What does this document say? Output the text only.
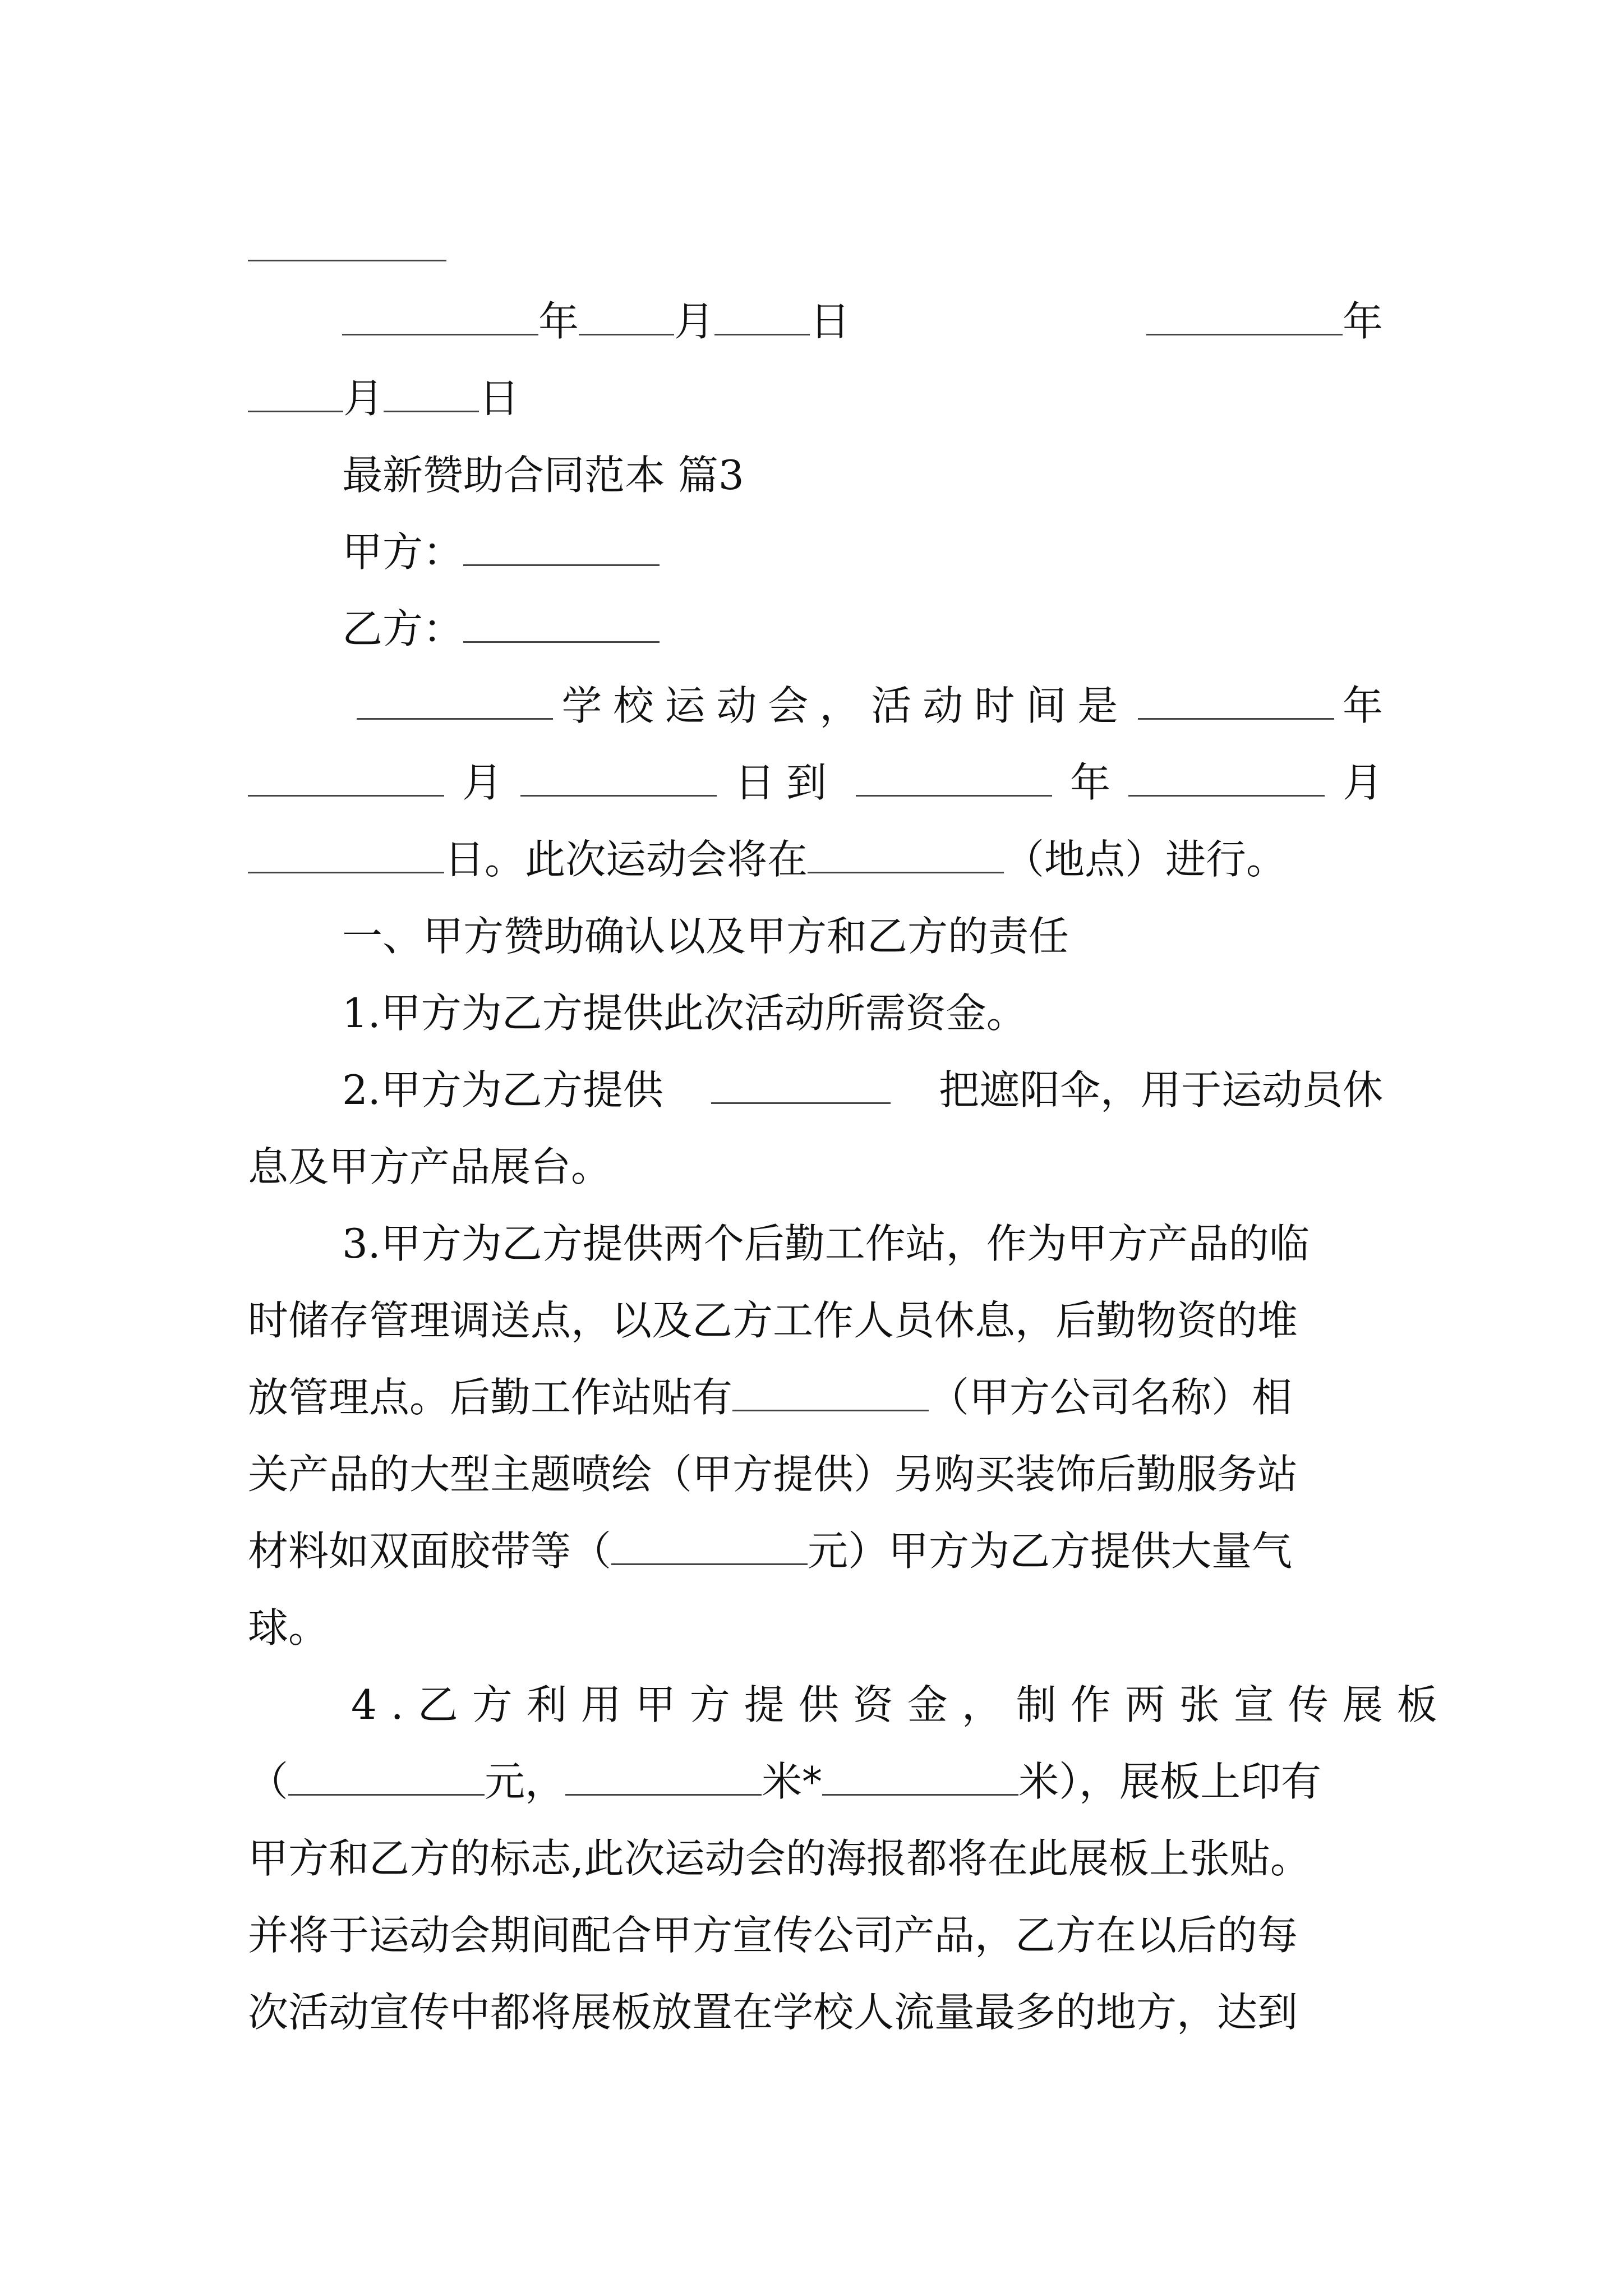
年 月 日	年
月 日
最新赞助合同范本 篇3
甲方：
乙方：
学校运动会，活动时间是	年
月	日到	年	月
日。此次运动会将在	（地点）进行。
一、甲方赞助确认以及甲方和乙方的责任
1.甲方为乙方提供此次活动所需资金。
2.甲方为乙方提供	把遮阳伞，用于运动员休
息及甲方产品展台。
3.甲方为乙方提供两个后勤工作站，作为甲方产品的临
时储存管理调送点，以及乙方工作人员休息，后勤物资的堆
放管理点。后勤工作站贴有	（甲方公司名称）相
关产品的大型主题喷绘（甲方提供）另购买装饰后勤服务站
材料如双面胶带等（	元）甲方为乙方提供大量气
球。
4.乙方利用甲方提供资金，制作两张宣传展板
（	元，	米 *	米），展板上印有
甲方和乙方的标志,此次运动会的海报都将在此展板上张贴。
并将于运动会期间配合甲方宣传公司产品，乙方在以后的每
次活动宣传中都将展板放置在学校人流量最多的地方，达到
